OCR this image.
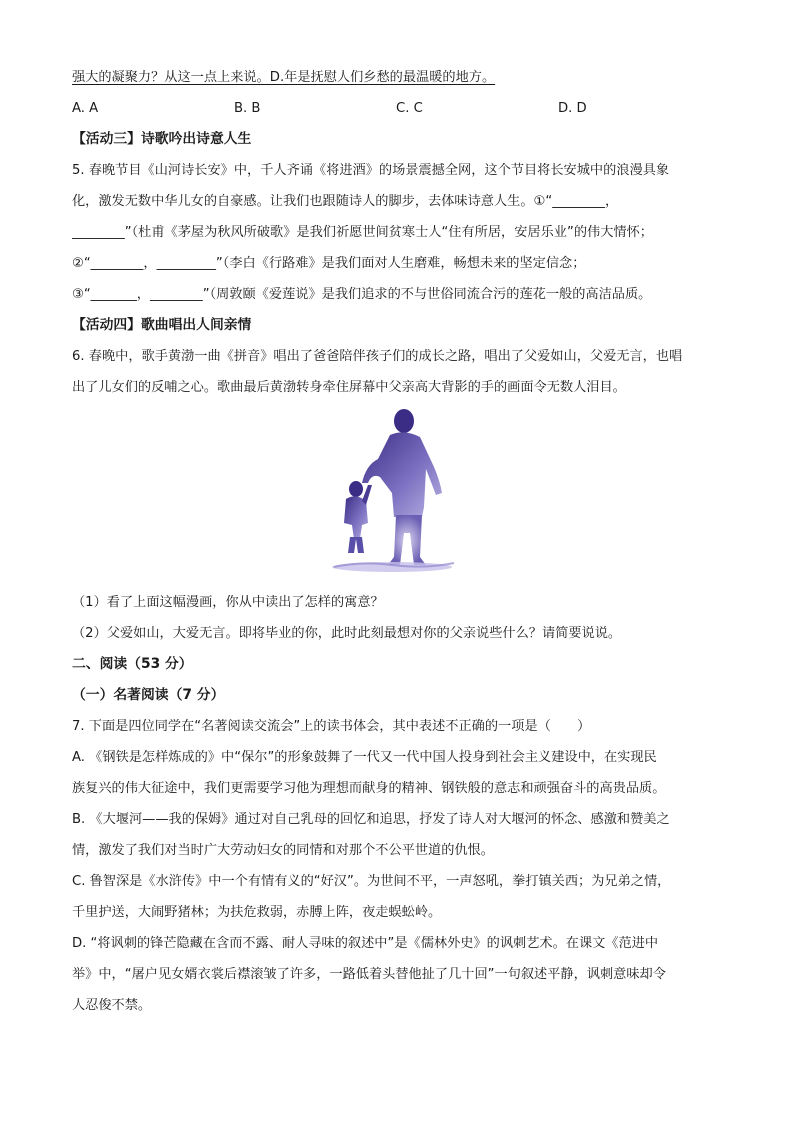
强大的凝聚力？从这一点上来说。D.年是抚慰人们乡愁的最温暖的地方。
A. A	B. B	C. C	D. D
【活动三】诗歌吟出诗意人生
5. 春晚节目《山河诗长安》中，千人齐诵《将进酒》的场景震撼全网，这个节目将长安城中的浪漫具象
化，激发无数中华儿女的自豪感。让我们也跟随诗人的脚步，去体味诗意人生。①“________，
________”（杜甫《茅屋为秋风所破歌》是我们祈愿世间贫寒士人“住有所居，安居乐业”的伟大情怀；
②“________，_________”（李白《行路难》是我们面对人生磨难，畅想未来的坚定信念；
③“_______，________”（周敦颐《爱莲说》是我们追求的不与世俗同流合污的莲花一般的高洁品质。
【活动四】歌曲唱出人间亲情
6. 春晚中，歌手黄渤一曲《拼音》唱出了爸爸陪伴孩子们的成长之路，唱出了父爱如山，父爱无言，也唱
出了儿女们的反哺之心。歌曲最后黄渤转身牵住屏幕中父亲高大背影的手的画面令无数人泪目。
（1）看了上面这幅漫画，你从中读出了怎样的寓意？
（2）父爱如山，大爱无言。即将毕业的你，此时此刻最想对你的父亲说些什么？请简要说说。
二、阅读（53 分）
（一）名著阅读（7 分）
7. 下面是四位同学在“名著阅读交流会”上的读书体会，其中表述不正确的一项是（　　）
A. 《钢铁是怎样炼成的》中“保尔”的形象鼓舞了一代又一代中国人投身到社会主义建设中，在实现民
族复兴的伟大征途中，我们更需要学习他为理想而献身的精神、钢铁般的意志和顽强奋斗的高贵品质。
B. 《大堰河——我的保姆》通过对自己乳母的回忆和追思，抒发了诗人对大堰河的怀念、感激和赞美之
情，激发了我们对当时广大劳动妇女的同情和对那个不公平世道的仇恨。
C. 鲁智深是《水浒传》中一个有情有义的“好汉”。为世间不平，一声怒吼，拳打镇关西；为兄弟之情，
千里护送，大闹野猪林；为扶危救弱，赤膊上阵，夜走蜈蚣岭。
D. “将讽刺的锋芒隐藏在含而不露、耐人寻味的叙述中”是《儒林外史》的讽刺艺术。在课文《范进中
举》中，“屠户见女婿衣裳后襟滚皱了许多，一路低着头替他扯了几十回”一句叙述平静，讽刺意味却令
人忍俊不禁。
